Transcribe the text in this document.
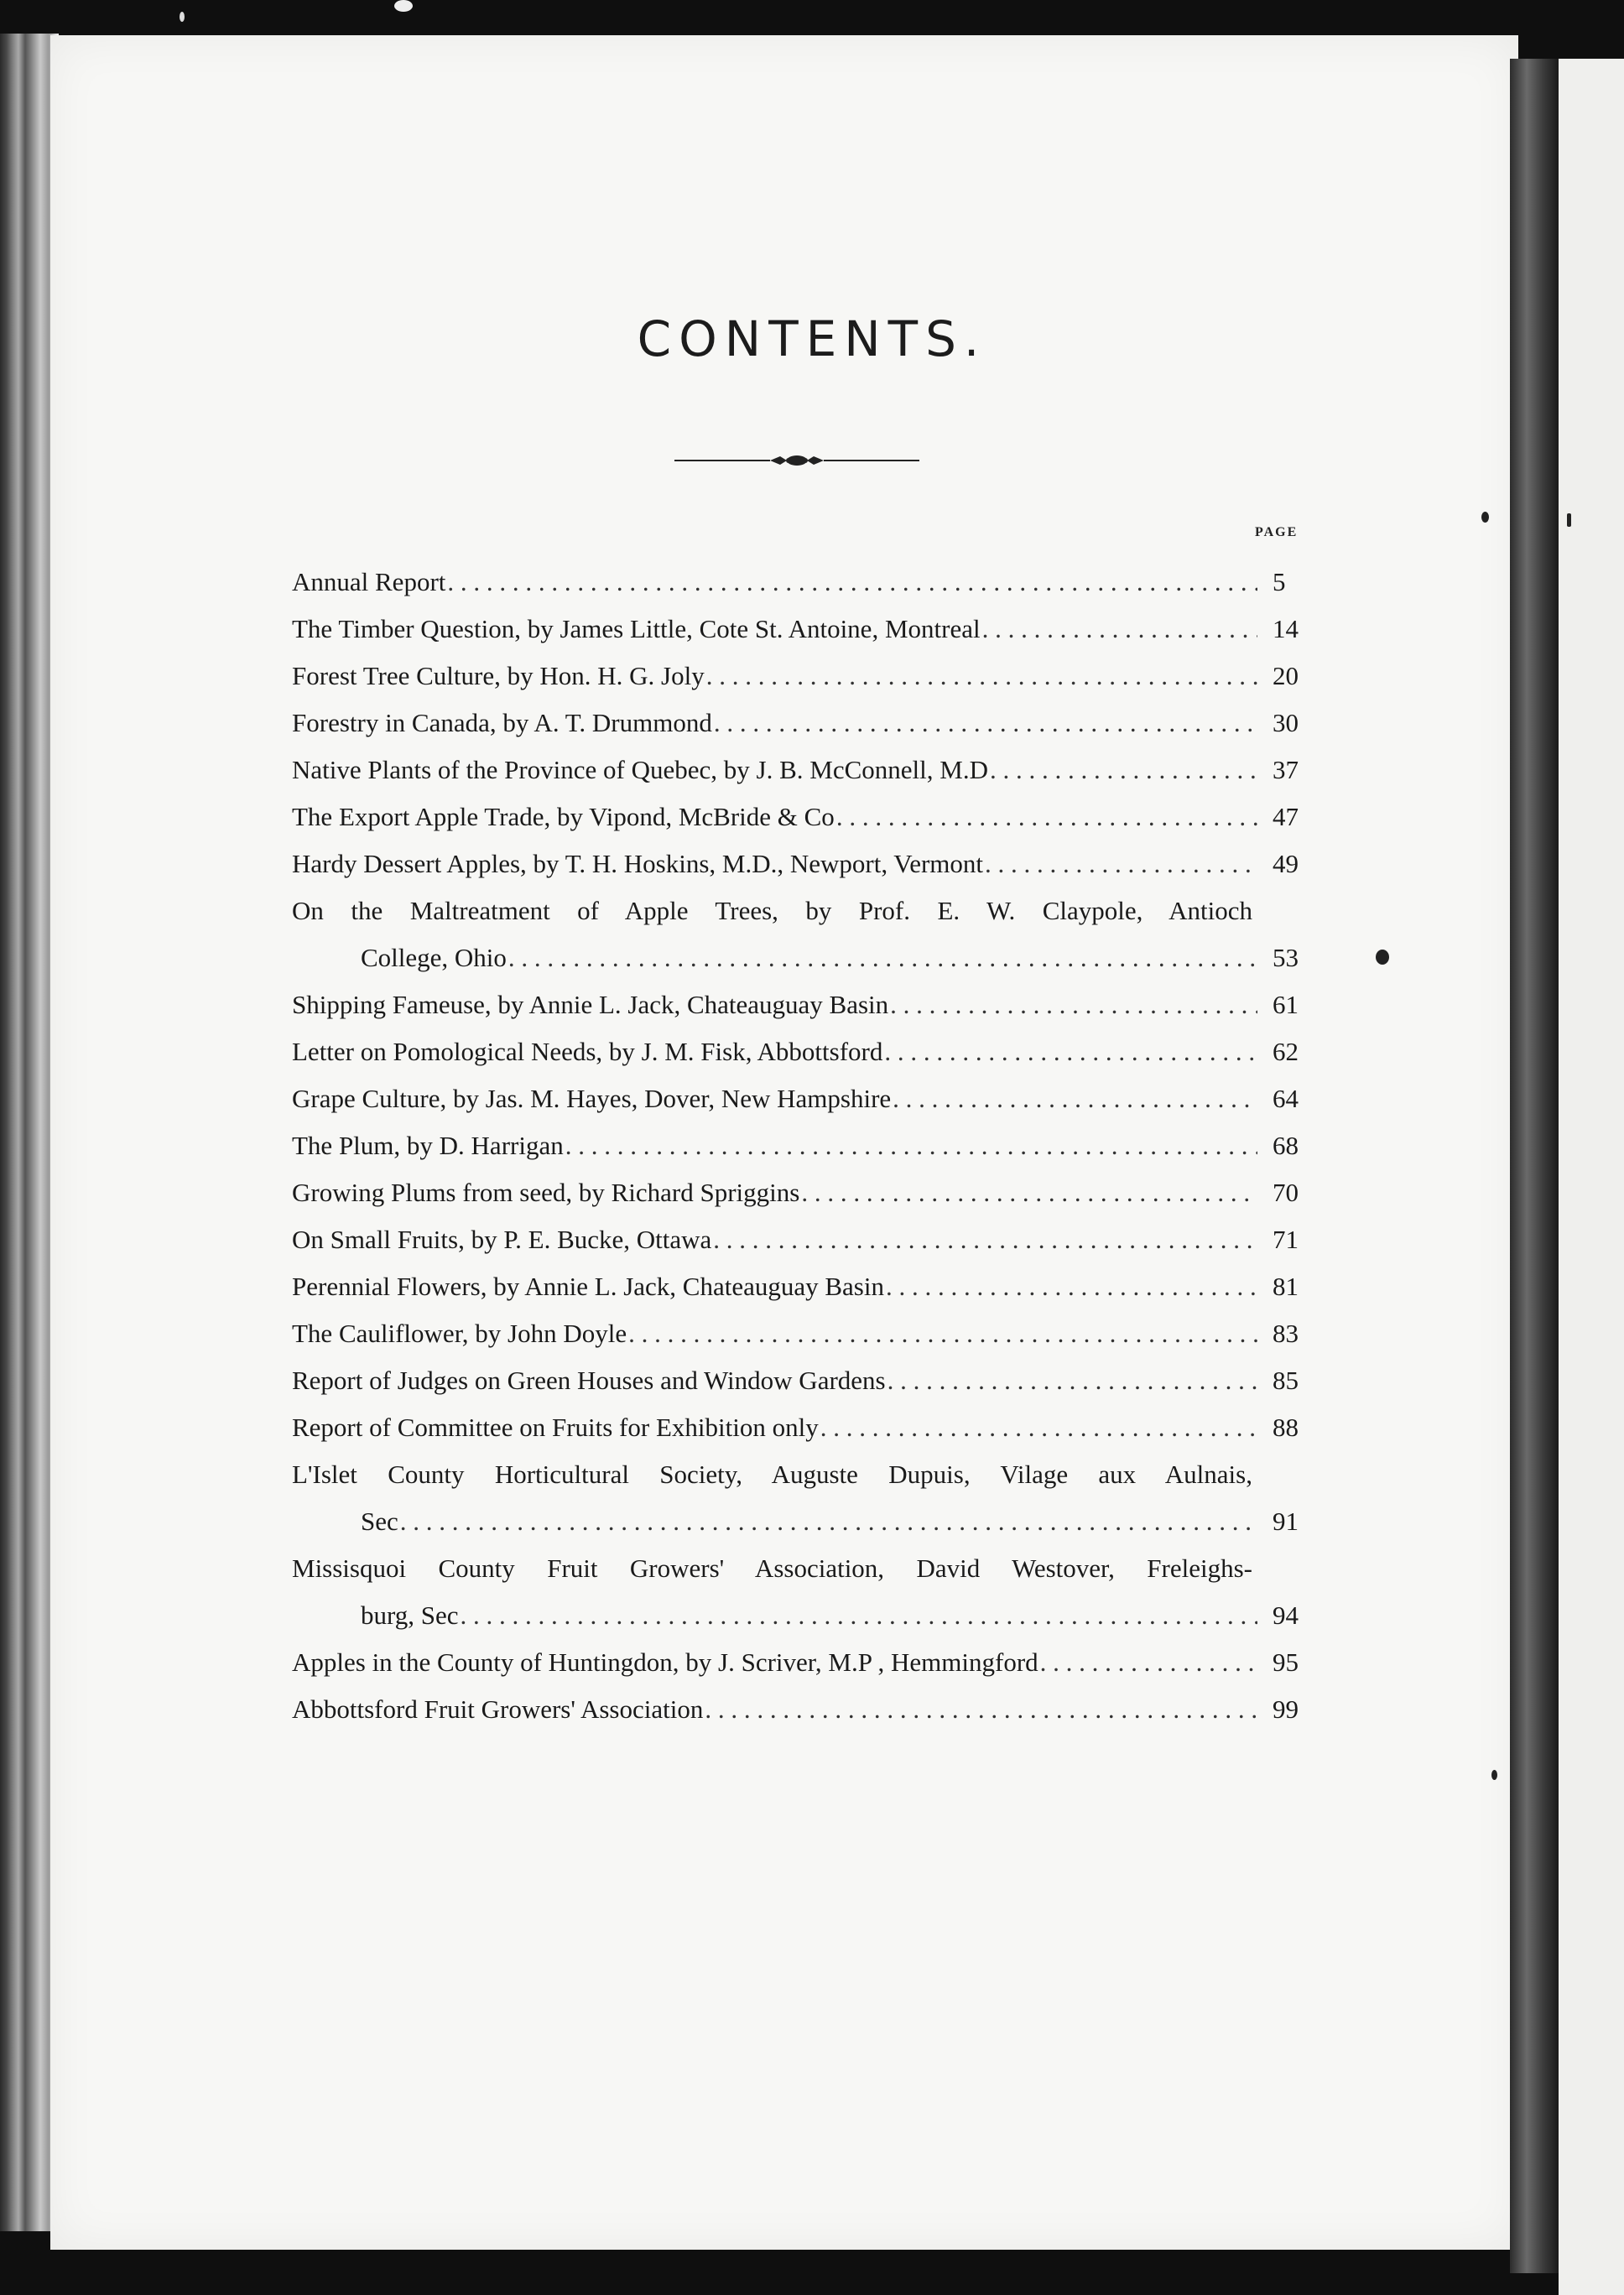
CONTENTS.
PAGE
Annual Report . . .	5
The Timber Question, by James Little, Cote St. Antoine, Montreal . . .	14
Forest Tree Culture, by Hon. H. G. Joly . . .	20
Forestry in Canada, by A. T. Drummond . . .	30
Native Plants of the Province of Quebec, by J. B. McConnell, M.D . . .	37
The Export Apple Trade, by Vipond, McBride & Co . . .	47
Hardy Dessert Apples, by T. H. Hoskins, M.D., Newport, Vermont . . .	49
On the Maltreatment of Apple Trees, by Prof. E. W. Claypole, Antioch
College, Ohio . . .	53
Shipping Fameuse, by Annie L. Jack, Chateauguay Basin . . .	61
Letter on Pomological Needs, by J. M. Fisk, Abbottsford . . .	62
Grape Culture, by Jas. M. Hayes, Dover, New Hampshire . . .	64
The Plum, by D. Harrigan . . .	68
Growing Plums from seed, by Richard Spriggins . . .	70
On Small Fruits, by P. E. Bucke, Ottawa . . .	71
Perennial Flowers, by Annie L. Jack, Chateauguay Basin . . .	81
The Cauliflower, by John Doyle . . .	83
Report of Judges on Green Houses and Window Gardens . . .	85
Report of Committee on Fruits for Exhibition only . . .	88
L'Islet County Horticultural Society, Auguste Dupuis, Vilage aux Aulnais,
Sec . . .	91
Missisquoi County Fruit Growers' Association, David Westover, Freleighs-
burg, Sec . . .	94
Apples in the County of Huntingdon, by J. Scriver, M.P , Hemmingford . . .	95
Abbottsford Fruit Growers' Association . . .	99
